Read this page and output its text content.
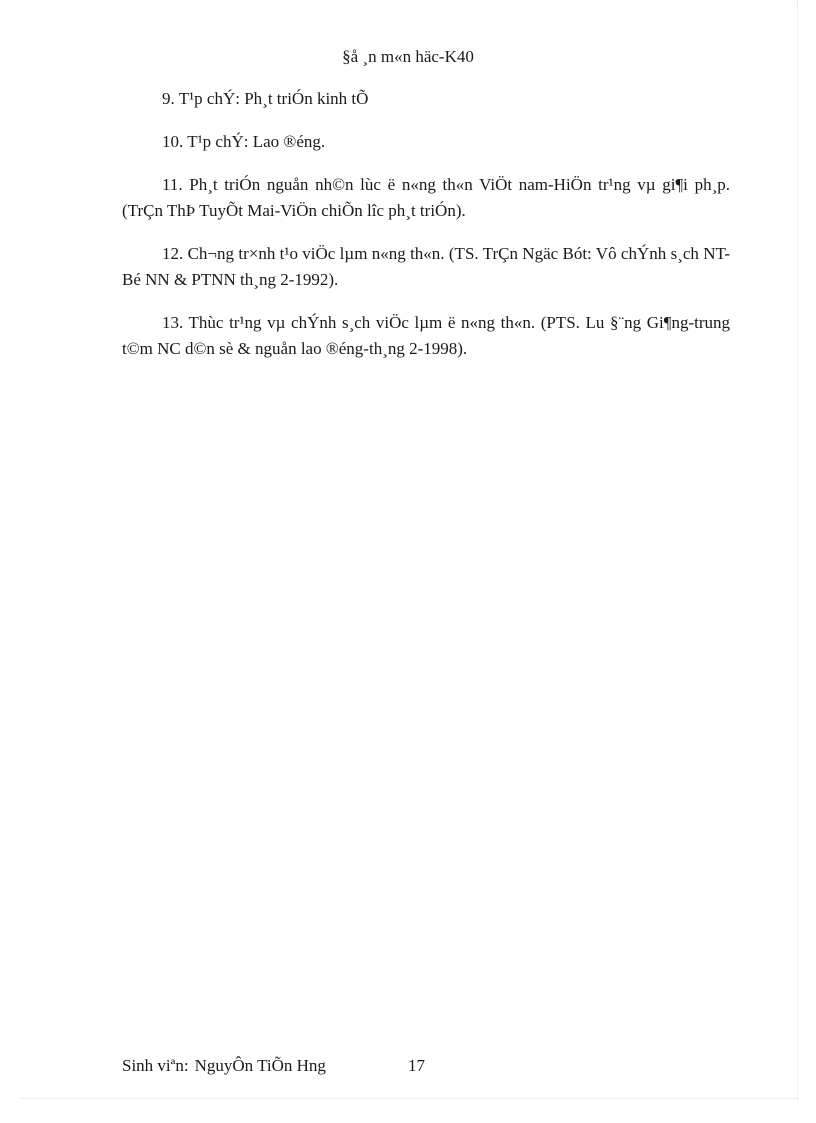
§å ¸n m«n häc-K40

9. T¹p chÝ: Ph¸t triÓn kinh tÕ

10. T¹p chÝ: Lao ®éng.

11. Ph¸t triÓn nguån nh©n lùc ë n«ng th«n ViÖt nam-HiÖn tr¹ng vµ gi¶i ph¸p. (TrÇn ThÞ TuyÕt Mai-ViÖn chiÕn lîc ph¸t triÓn).

12. Ch¬ng tr×nh t¹o viÖc lµm n«ng th«n. (TS. TrÇn Ngäc Bót: Vô chÝnh s¸ch NT-Bé NN & PTNN th¸ng 2-1992).

13. Thùc tr¹ng vµ chÝnh s¸ch viÖc lµm ë n«ng th«n. (PTS. Lu §¨ng Gi¶ng-trung t©m NC d©n sè & nguån lao ®éng-th¸ng 2-1998).

Sinh viªn: NguyÔn TiÕn Hng	17
